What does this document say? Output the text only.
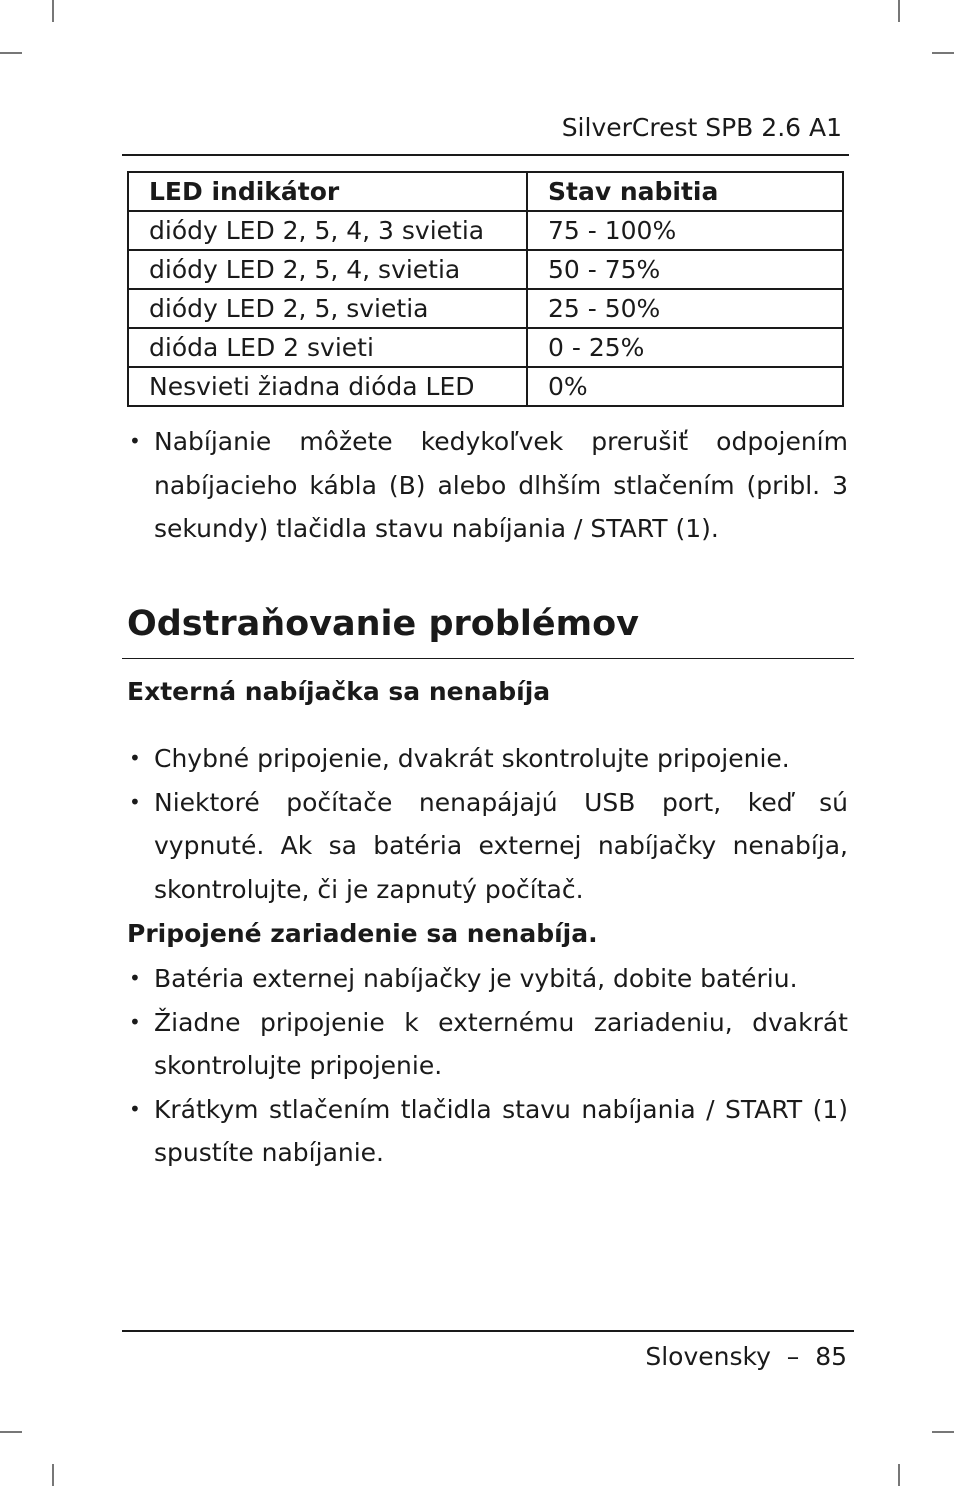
SilverCrest SPB 2.6 A1
LED indikátor	Stav nabitia
diódy LED 2, 5, 4, 3 svietia	75 - 100%
diódy LED 2, 5, 4, svietia	50 - 75%
diódy LED 2, 5, svietia	25 - 50%
dióda LED 2 svieti	0 - 25%
Nesvieti žiadna dióda LED	0%
• Nabíjanie môžete kedykoľvek prerušiť odpojením nabíjacieho kábla (B) alebo dlhším stlačením (pribl. 3 sekundy) tlačidla stavu nabíjania / START (1).
Odstraňovanie problémov
Externá nabíjačka sa nenabíja
• Chybné pripojenie, dvakrát skontrolujte pripojenie.
• Niektoré počítače nenapájajú USB port, keď sú vypnuté. Ak sa batéria externej nabíjačky nenabíja, skontrolujte, či je zapnutý počítač.
Pripojené zariadenie sa nenabíja.
• Batéria externej nabíjačky je vybitá, dobite batériu.
• Žiadne pripojenie k externému zariadeniu, dvakrát skontrolujte pripojenie.
• Krátkym stlačením tlačidla stavu nabíjania / START (1) spustíte nabíjanie.
Slovensky – 85
